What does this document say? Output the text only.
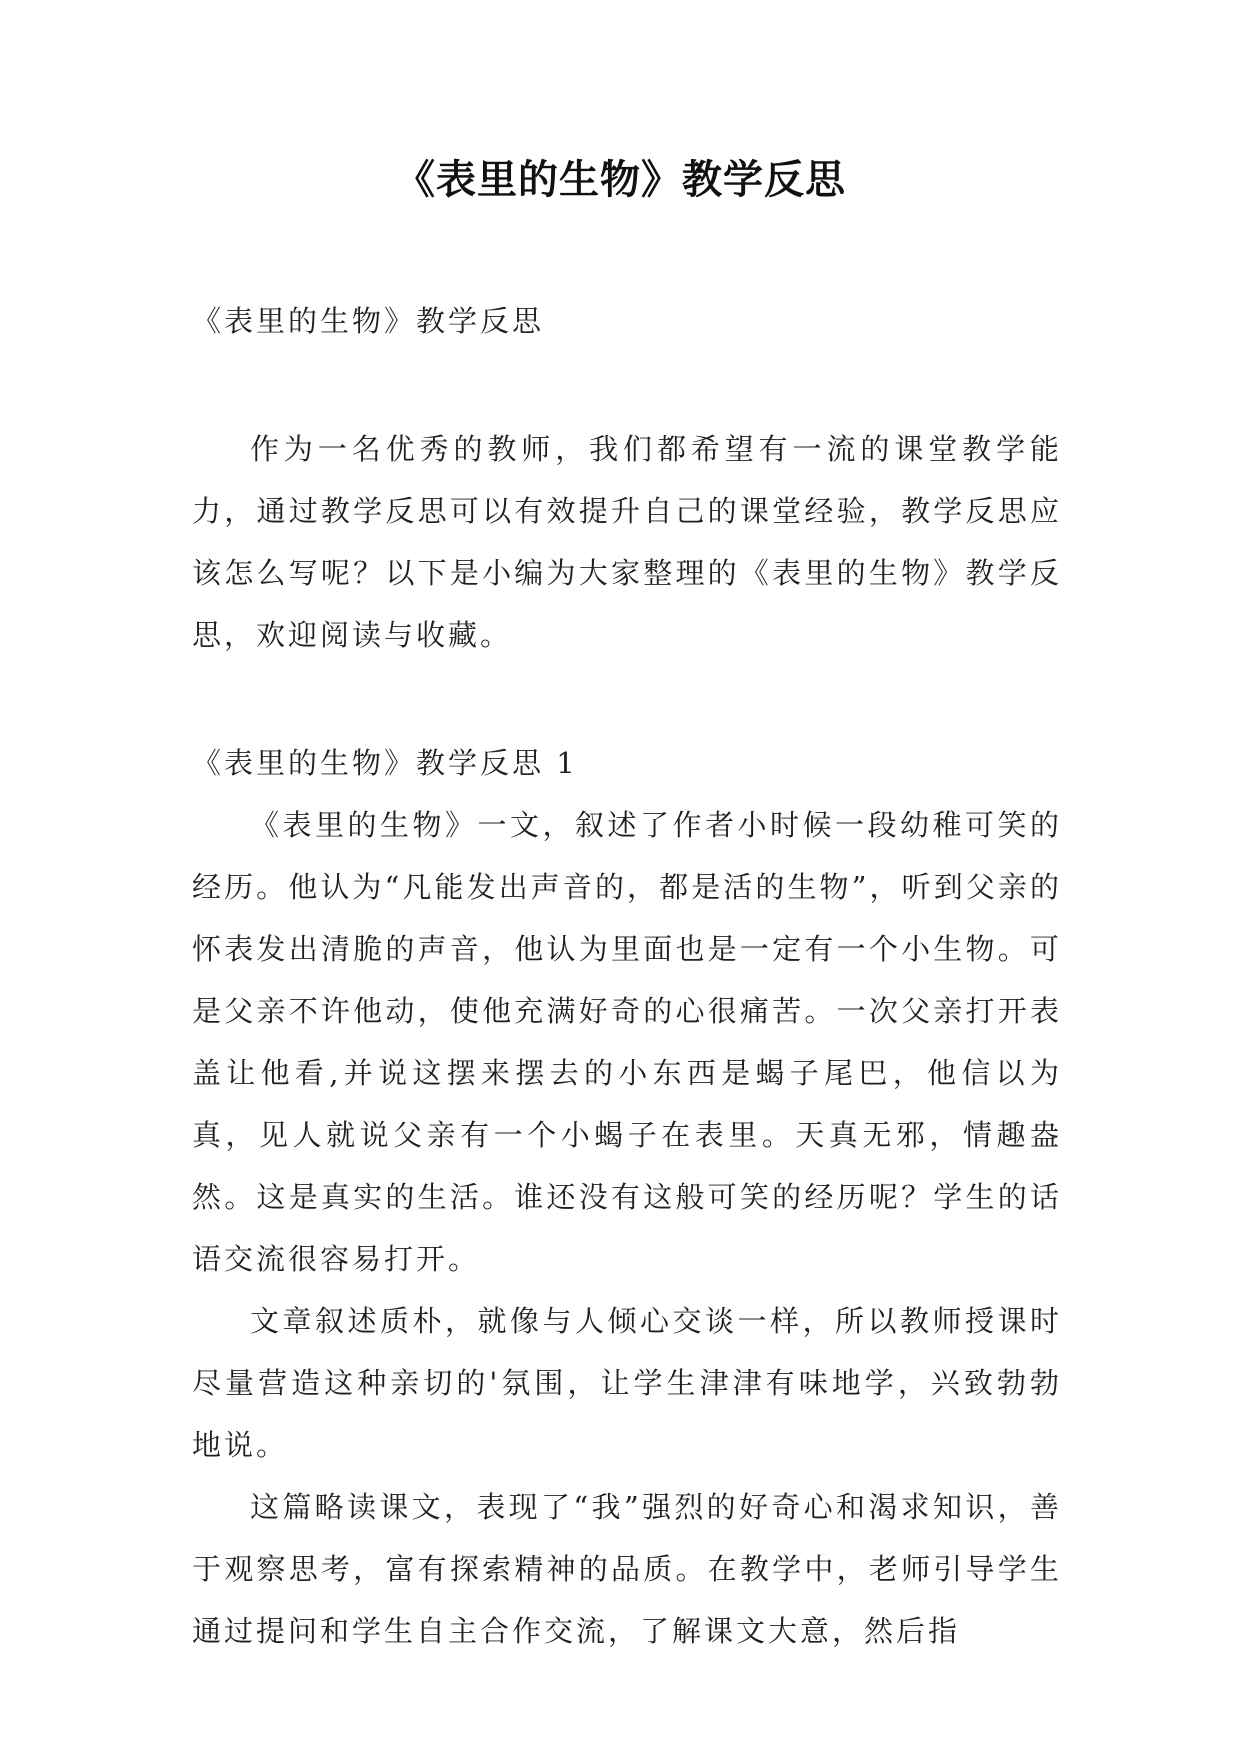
《表里的生物》教学反思

《表里的生物》教学反思

作为一名优秀的教师，我们都希望有一流的课堂教学能力，通过教学反思可以有效提升自己的课堂经验，教学反思应该怎么写呢？以下是小编为大家整理的《表里的生物》教学反思，欢迎阅读与收藏。

《表里的生物》教学反思 1

《表里的生物》一文，叙述了作者小时候一段幼稚可笑的经历。他认为“凡能发出声音的，都是活的生物”，听到父亲的怀表发出清脆的声音，他认为里面也是一定有一个小生物。可是父亲不许他动，使他充满好奇的心很痛苦。一次父亲打开表盖让他看,并说这摆来摆去的小东西是蝎子尾巴，他信以为真，见人就说父亲有一个小蝎子在表里。天真无邪，情趣盎然。这是真实的生活。谁还没有这般可笑的经历呢？学生的话语交流很容易打开。

文章叙述质朴，就像与人倾心交谈一样，所以教师授课时尽量营造这种亲切的'氛围，让学生津津有味地学，兴致勃勃地说。

这篇略读课文，表现了“我”强烈的好奇心和渴求知识，善于观察思考，富有探索精神的品质。在教学中，老师引导学生通过提问和学生自主合作交流，了解课文大意，然后指
